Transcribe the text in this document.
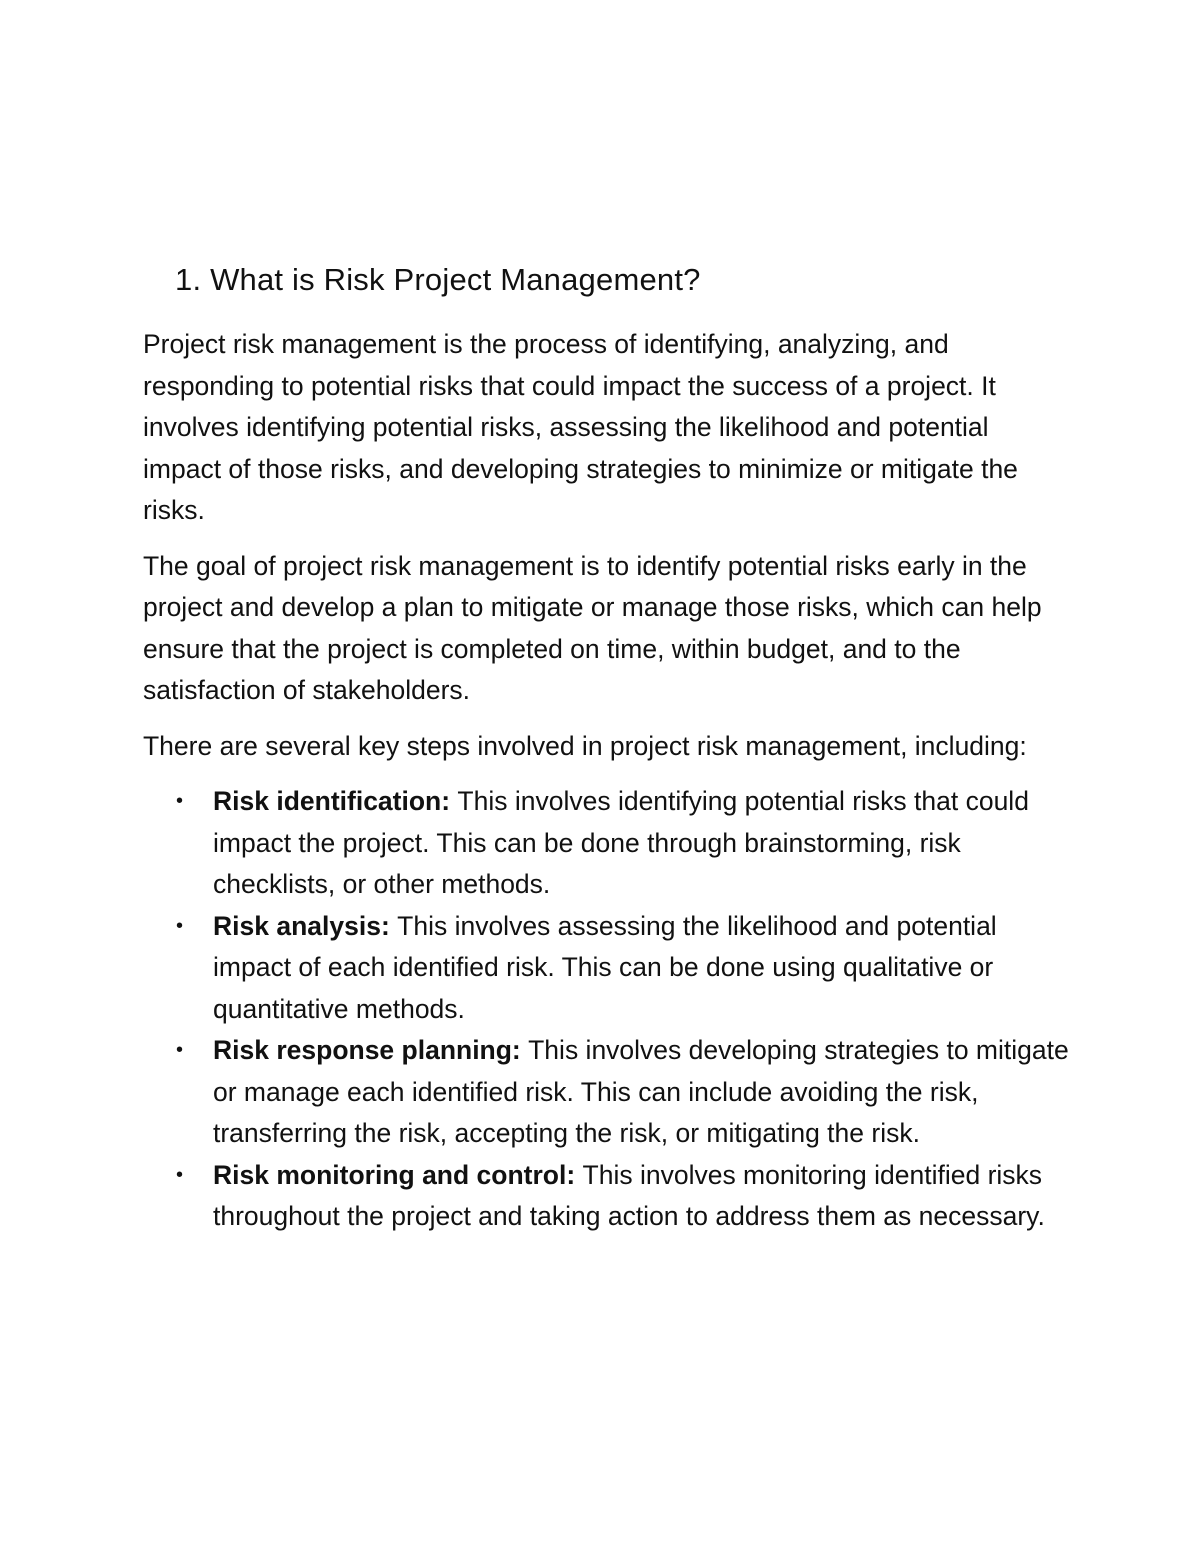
1. What is Risk Project Management?

Project risk management is the process of identifying, analyzing, and responding to potential risks that could impact the success of a project. It involves identifying potential risks, assessing the likelihood and potential impact of those risks, and developing strategies to minimize or mitigate the risks.

The goal of project risk management is to identify potential risks early in the project and develop a plan to mitigate or manage those risks, which can help ensure that the project is completed on time, within budget, and to the satisfaction of stakeholders.

There are several key steps involved in project risk management, including:

• Risk identification: This involves identifying potential risks that could impact the project. This can be done through brainstorming, risk checklists, or other methods.
• Risk analysis: This involves assessing the likelihood and potential impact of each identified risk. This can be done using qualitative or quantitative methods.
• Risk response planning: This involves developing strategies to mitigate or manage each identified risk. This can include avoiding the risk, transferring the risk, accepting the risk, or mitigating the risk.
• Risk monitoring and control: This involves monitoring identified risks throughout the project and taking action to address them as necessary.
